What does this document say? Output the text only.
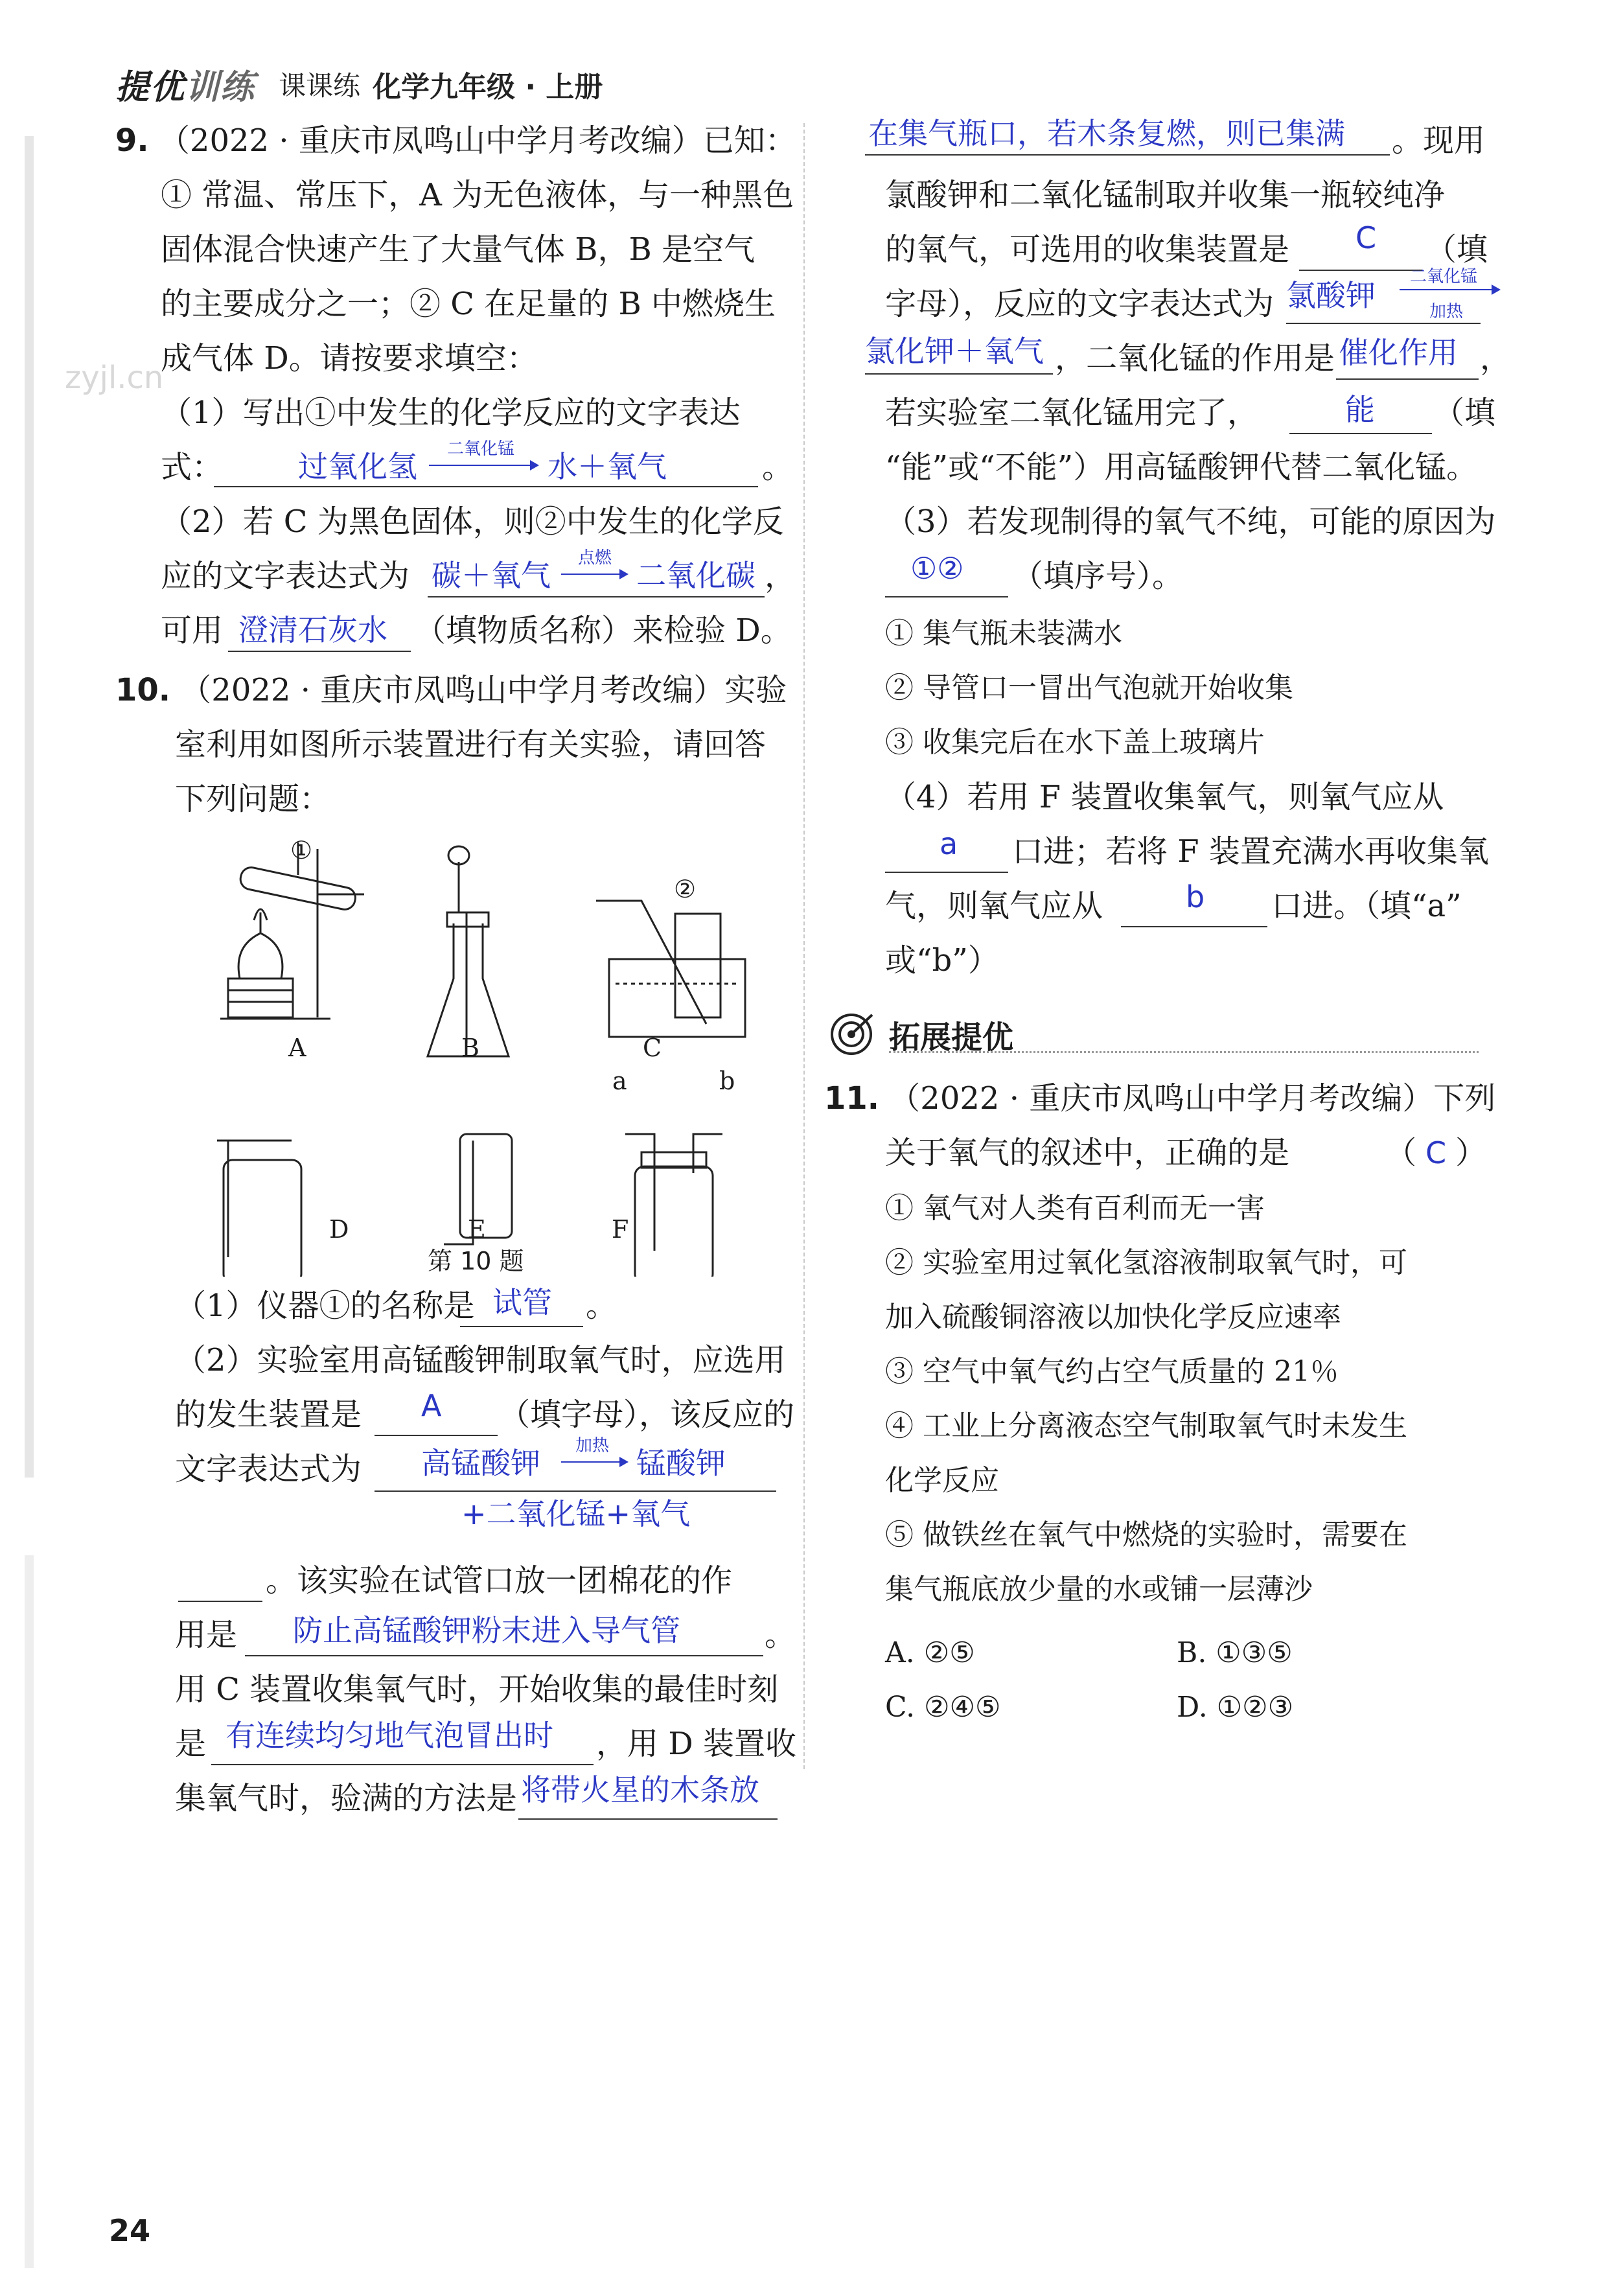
提优训练 课课练 化学九年级 · 上册
zyjl.cn
9. （2022 · 重庆市凤鸣山中学月考改编）已知：
① 常温、常压下，A 为无色液体，与一种黑色
固体混合快速产生了大量气体 B，B 是空气
的主要成分之一；② C 在足量的 B 中燃烧生
成气体 D。请按要求填空：
（1）写出①中发生的化学反应的文字表达
式：	过氧化氢 二氧化锰 水＋氧气	。
（2）若 C 为黑色固体，则②中发生的化学反
应的文字表达式为 碳＋氧气 点燃 二氧化碳 ，
可用 澄清石灰水 （填物质名称）来检验 D。
10. （2022 · 重庆市凤鸣山中学月考改编）实验
室利用如图所示装置进行有关实验，请回答
下列问题：
①
②
A	B	C
D	E	F
a	b
第 10 题
（1）仪器①的名称是 试管 。
（2）实验室用高锰酸钾制取氧气时，应选用
的发生装置是 A （填字母），该反应的
文字表达式为 高锰酸钾 加热 锰酸钾
+二氧化锰+氧气
。该实验在试管口放一团棉花的作
用是 防止高锰酸钾粉末进入导气管	。
用 C 装置收集氧气时，开始收集的最佳时刻
是 有连续均匀地气泡冒出时 ，用 D 装置收
集氧气时，验满的方法是 将带火星的木条放
在集气瓶口，若木条复燃，则已集满 。现用
氯酸钾和二氧化锰制取并收集一瓶较纯净
的氧气，可选用的收集装置是 C （填
字母），反应的文字表达式为 氯酸钾
二氧化锰
加热
氯化钾＋氧气 ，二氧化锰的作用是 催化作用 ，
若实验室二氧化锰用完了，	能 （填
“能”或“不能”）用高锰酸钾代替二氧化锰。
（3）若发现制得的氧气不纯，可能的原因为
①② （填序号）。
① 集气瓶未装满水
② 导管口一冒出气泡就开始收集
③ 收集完后在水下盖上玻璃片
（4）若用 F 装置收集氧气，则氧气应从
a 口进；若将 F 装置充满水再收集氧
气，则氧气应从	b 口进。（填“a”
或“b”）
拓展提优
11. （2022 · 重庆市凤鸣山中学月考改编）下列
关于氧气的叙述中，正确的是	（ C ）
① 氧气对人类有百利而无一害
② 实验室用过氧化氢溶液制取氧气时，可
加入硫酸铜溶液以加快化学反应速率
③ 空气中氧气约占空气质量的 21％
④ 工业上分离液态空气制取氧气时未发生
化学反应
⑤ 做铁丝在氧气中燃烧的实验时，需要在
集气瓶底放少量的水或铺一层薄沙
A. ②⑤	B. ①③⑤
C. ②④⑤	D. ①②③
24
